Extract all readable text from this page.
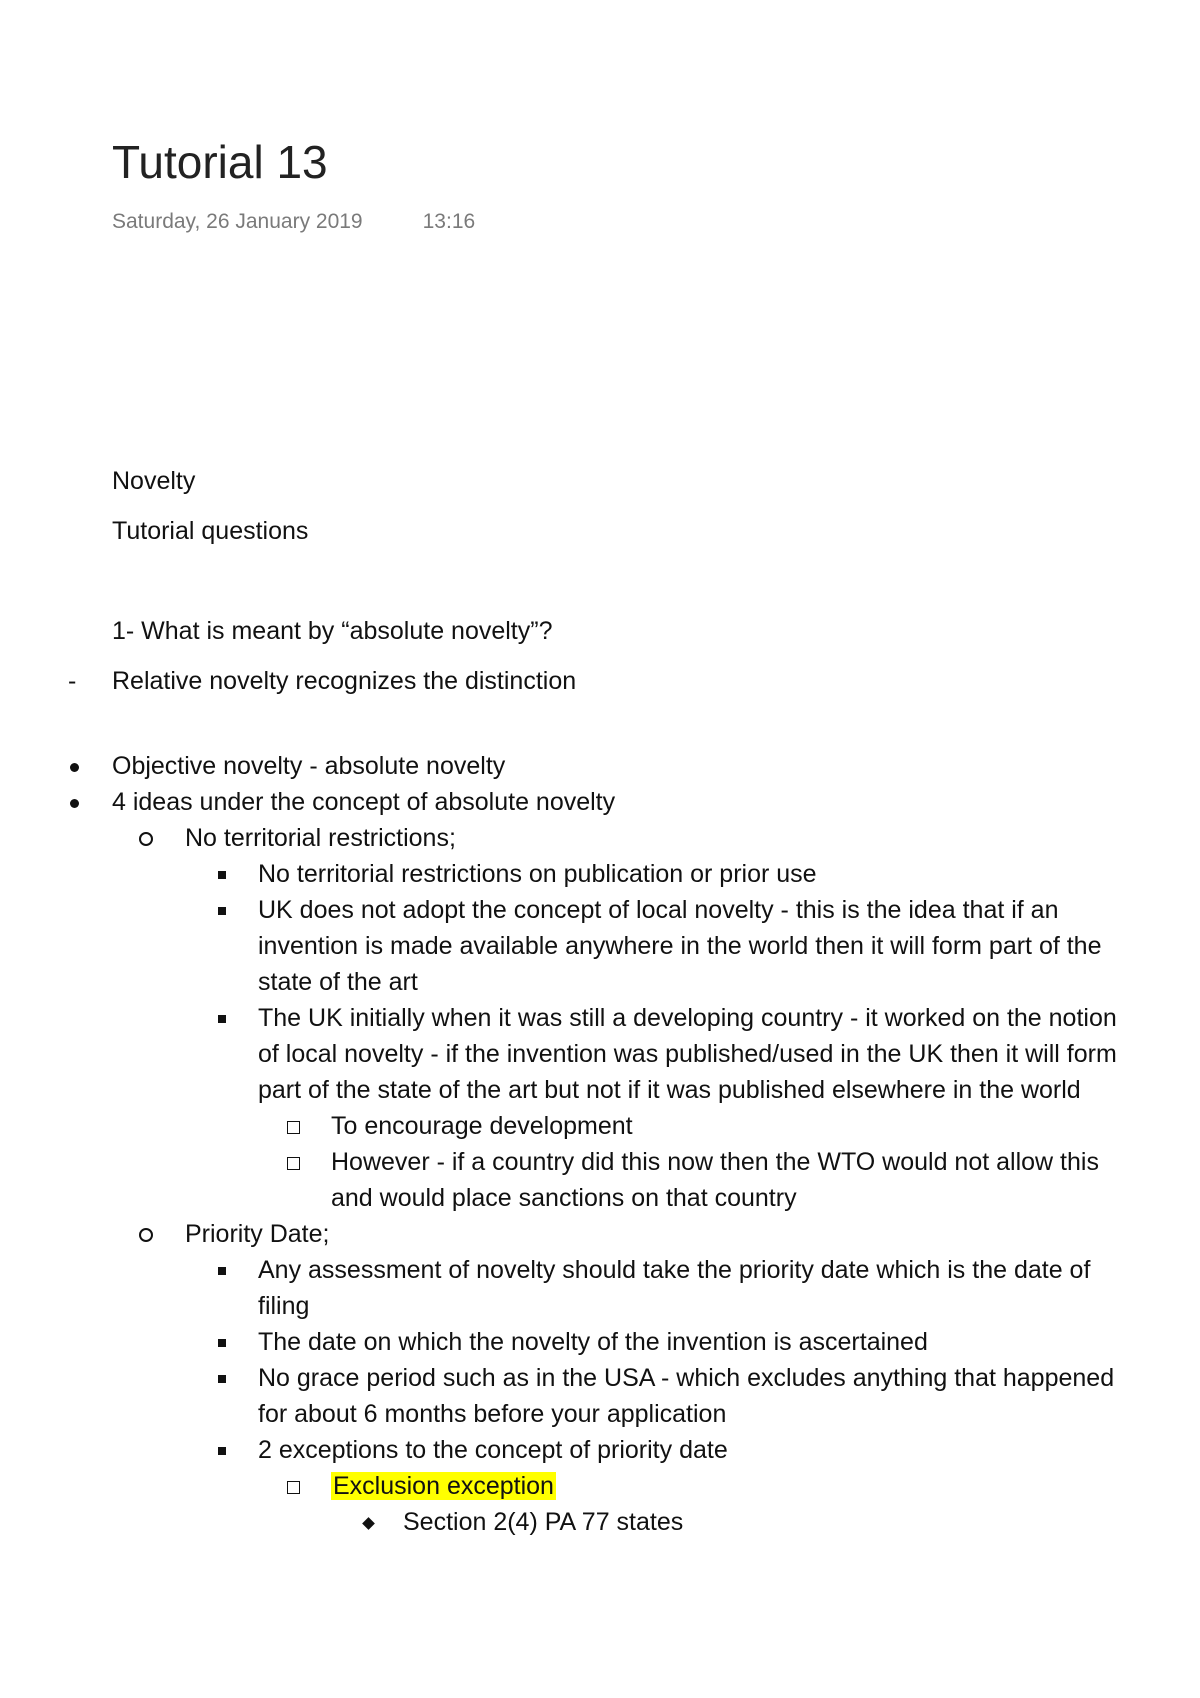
Tutorial 13
Saturday, 26 January 2019	13:16
Novelty
Tutorial questions
1- What is meant by “absolute novelty”?
- Relative novelty recognizes the distinction
Objective novelty - absolute novelty
4 ideas under the concept of absolute novelty
No territorial restrictions;
No territorial restrictions on publication or prior use
UK does not adopt the concept of local novelty - this is the idea that if an invention is made available anywhere in the world then it will form part of the state of the art
The UK initially when it was still a developing country - it worked on the notion of local novelty - if the invention was published/used in the UK then it will form part of the state of the art but not if it was published elsewhere in the world
To encourage development
However - if a country did this now then the WTO would not allow this and would place sanctions on that country
Priority Date;
Any assessment of novelty should take the priority date which is the date of filing
The date on which the novelty of the invention is ascertained
No grace period such as in the USA - which excludes anything that happened for about 6 months before your application
2 exceptions to the concept of priority date
Exclusion exception
Section 2(4) PA 77 states
